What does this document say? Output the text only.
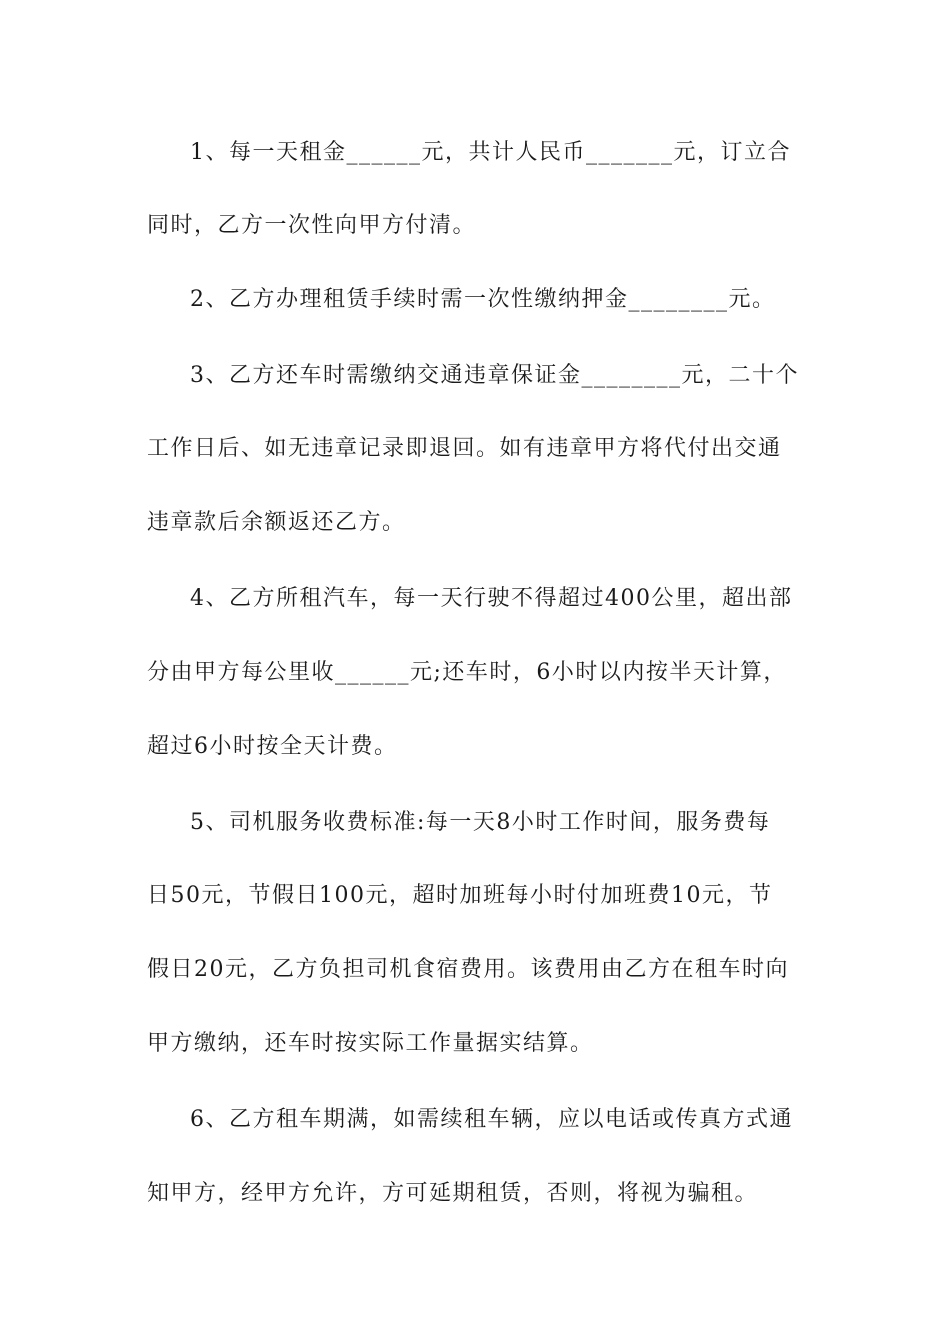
1、每一天租金______元，共计人民币_______元，订立合
同时，乙方一次性向甲方付清。
2、乙方办理租赁手续时需一次性缴纳押金________元。
3、乙方还车时需缴纳交通违章保证金________元，二十个
工作日后、如无违章记录即退回。如有违章甲方将代付出交通
违章款后余额返还乙方。
4、乙方所租汽车，每一天行驶不得超过400公里，超出部
分由甲方每公里收______元;还车时，6小时以内按半天计算，
超过6小时按全天计费。
5、司机服务收费标准:每一天8小时工作时间，服务费每
日50元，节假日100元，超时加班每小时付加班费10元，节
假日20元，乙方负担司机食宿费用。该费用由乙方在租车时向
甲方缴纳，还车时按实际工作量据实结算。
6、乙方租车期满，如需续租车辆，应以电话或传真方式通
知甲方，经甲方允许，方可延期租赁，否则，将视为骗租。
